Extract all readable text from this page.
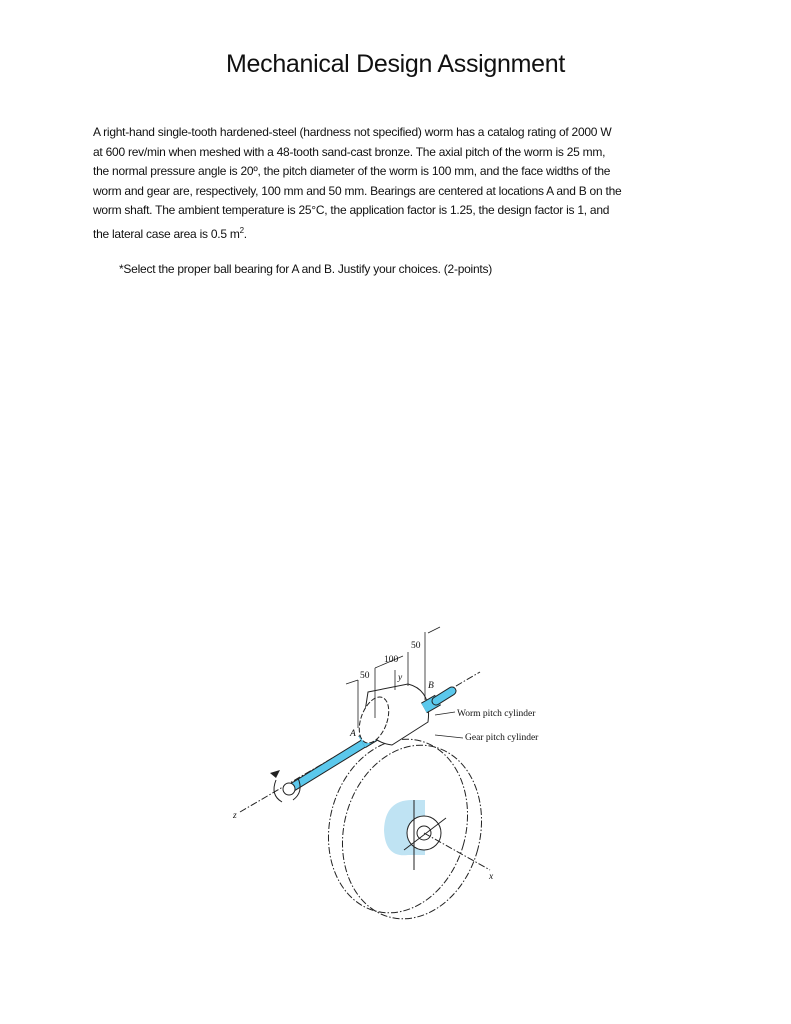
Mechanical Design Assignment
A right-hand single-tooth hardened-steel (hardness not specified) worm has a catalog rating of 2000 W
at 600 rev/min when meshed with a 48-tooth sand-cast bronze. The axial pitch of the worm is 25 mm,
the normal pressure angle is 20º, the pitch diameter of the worm is 100 mm, and the face widths of the
worm and gear are, respectively, 100 mm and 50 mm. Bearings are centered at locations A and B on the
worm shaft. The ambient temperature is 25°C, the application factor is 1.25, the design factor is 1, and
the lateral case area is 0.5 $m^2$.
*Select the proper ball bearing for A and B. Justify your choices. (2-points)
50
100
50
y
B
A
Worm pitch cylinder
Gear pitch cylinder
z
x
